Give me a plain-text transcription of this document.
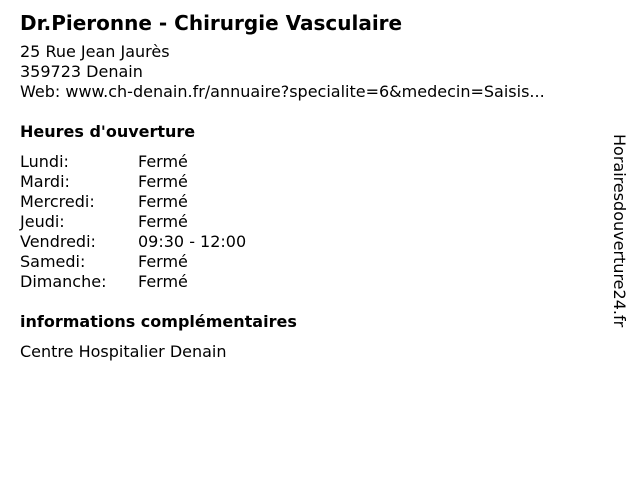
Dr.Pieronne - Chirurgie Vasculaire
25 Rue Jean Jaurès
359723 Denain
Web: www.ch-denain.fr/annuaire?specialite=6&medecin=Saisis...
Heures d'ouverture
Lundi:	Fermé
Mardi:	Fermé
Mercredi:	Fermé
Jeudi:	Fermé
Vendredi:	09:30 - 12:00
Samedi:	Fermé
Dimanche:	Fermé
informations complémentaires
Centre Hospitalier Denain
Horairesdouverture24.fr
